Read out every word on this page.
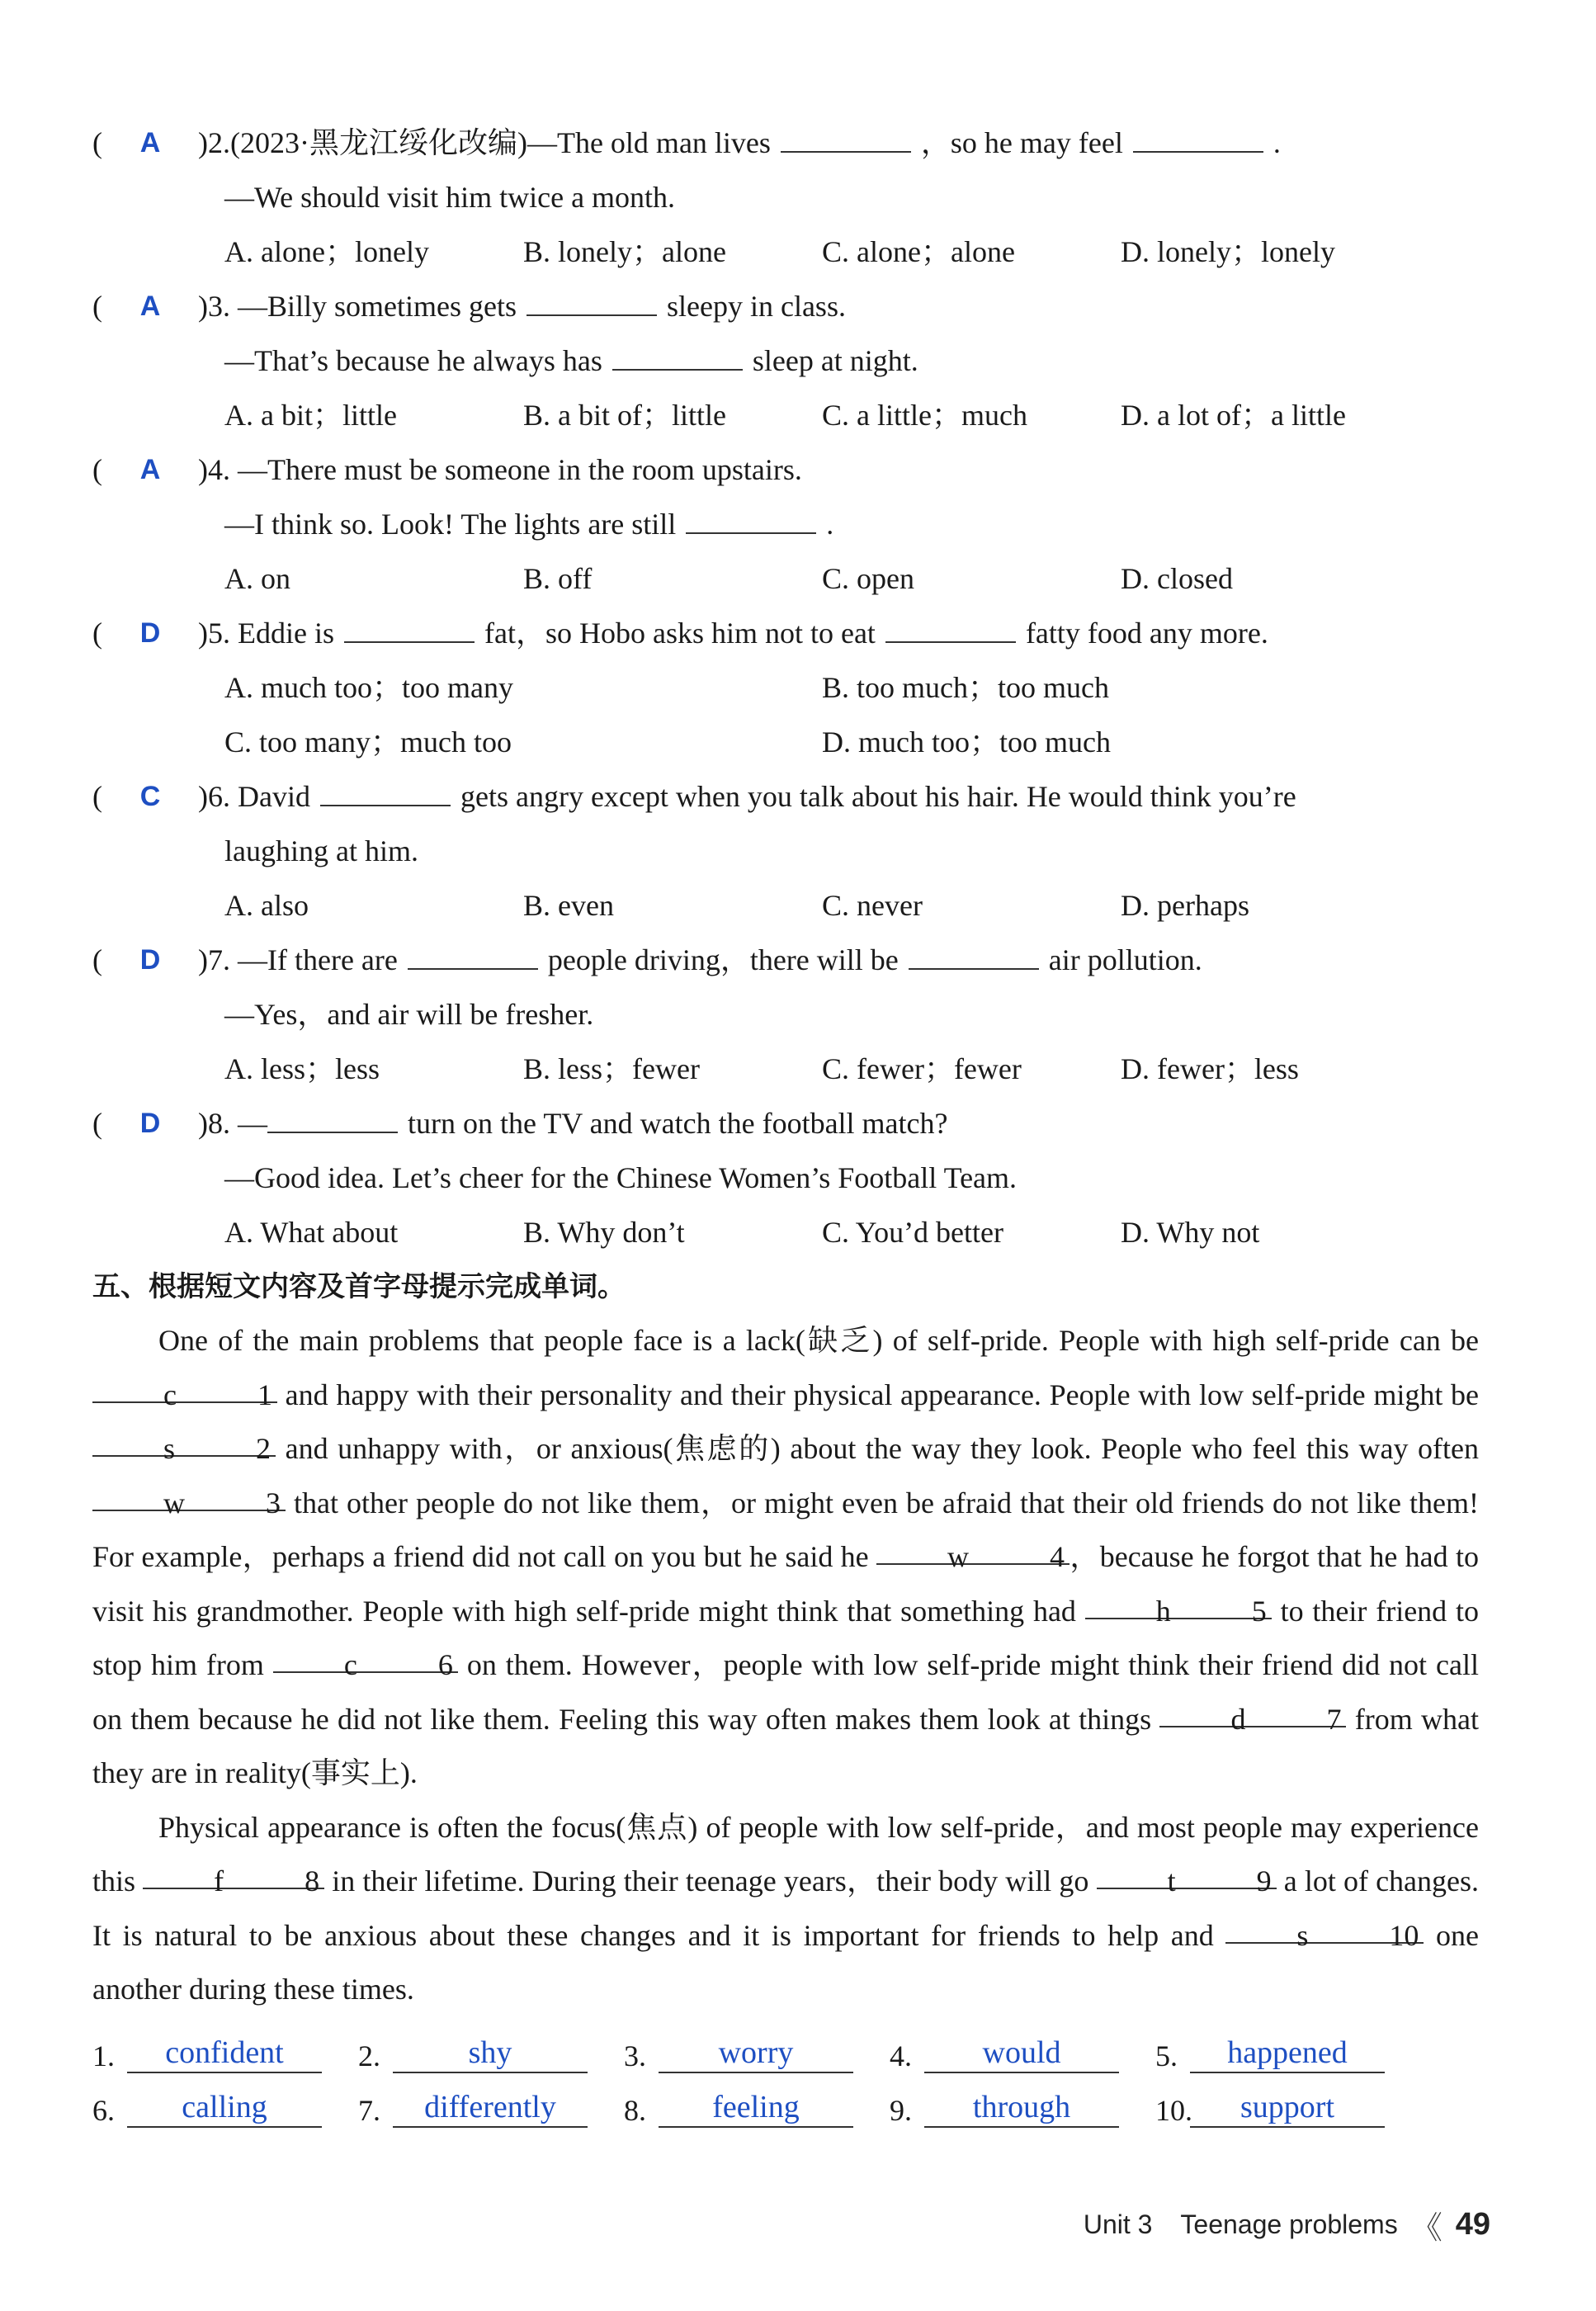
( A ) 2.(2023·黑龙江绥化改编)—The old man lives	，so he may feel	.
—We should visit him twice a month.
A. alone；lonely	B. lonely；alone	C. alone；alone	D. lonely；lonely
( A ) 3. —Billy sometimes gets	sleepy in class.
—That’s because he always has	sleep at night.
A. a bit；little	B. a bit of；little	C. a little；much	D. a lot of；a little
( A ) 4. —There must be someone in the room upstairs.
—I think so. Look! The lights are still	.
A. on	B. off	C. open	D. closed
( D ) 5. Eddie is	fat，so Hobo asks him not to eat	fatty food any more.
A. much too；too many	B. too much；too much
C. too many；much too	D. much too；too much
( C ) 6. David	gets angry except when you talk about his hair. He would think you’re
laughing at him.
A. also	B. even	C. never	D. perhaps
( D ) 7. —If there are	people driving，there will be	air pollution.
—Yes，and air will be fresher.
A. less；less	B. less；fewer	C. fewer；fewer	D. fewer；less
( D ) 8. —	turn on the TV and watch the football match?
—Good idea. Let’s cheer for the Chinese Women’s Football Team.
A. What about	B. Why don’t	C. You’d better	D. Why not
五、根据短文内容及首字母提示完成单词。

One of the main problems that people face is a lack(缺乏) of self-pride. People with high self-pride can be c	1 and happy with their personality and their physical appearance. People with low self-pride might be s	2 and unhappy with，or anxious(焦虑的) about the way they look. People who feel this way often w	3 that other people do not like them，or might even be afraid that their old friends do not like them! For example，perhaps a friend did not call on you but he said he w	4 ，because he forgot that he had to visit his grandmother. People with high self-pride might think that something had h	5 to their friend to stop him from c	6 on them. However，people with low self-pride might think their friend did not call on them because he did not like them. Feeling this way often makes them look at things d	7 from what they are in reality(事实上).

Physical appearance is often the focus(焦点) of people with low self-pride，and most people may experience this f	8 in their lifetime. During their teenage years，their body will go t	9 a lot of changes. It is natural to be anxious about these changes and it is important for friends to help and s	10 one another during these times.

1.	confident	2.	shy	3.	worry	4.	would	5.	happened
6.	calling	7.	differently	8.	feeling	9.	through	10.	support
Unit 3 Teenage problems 《 49
